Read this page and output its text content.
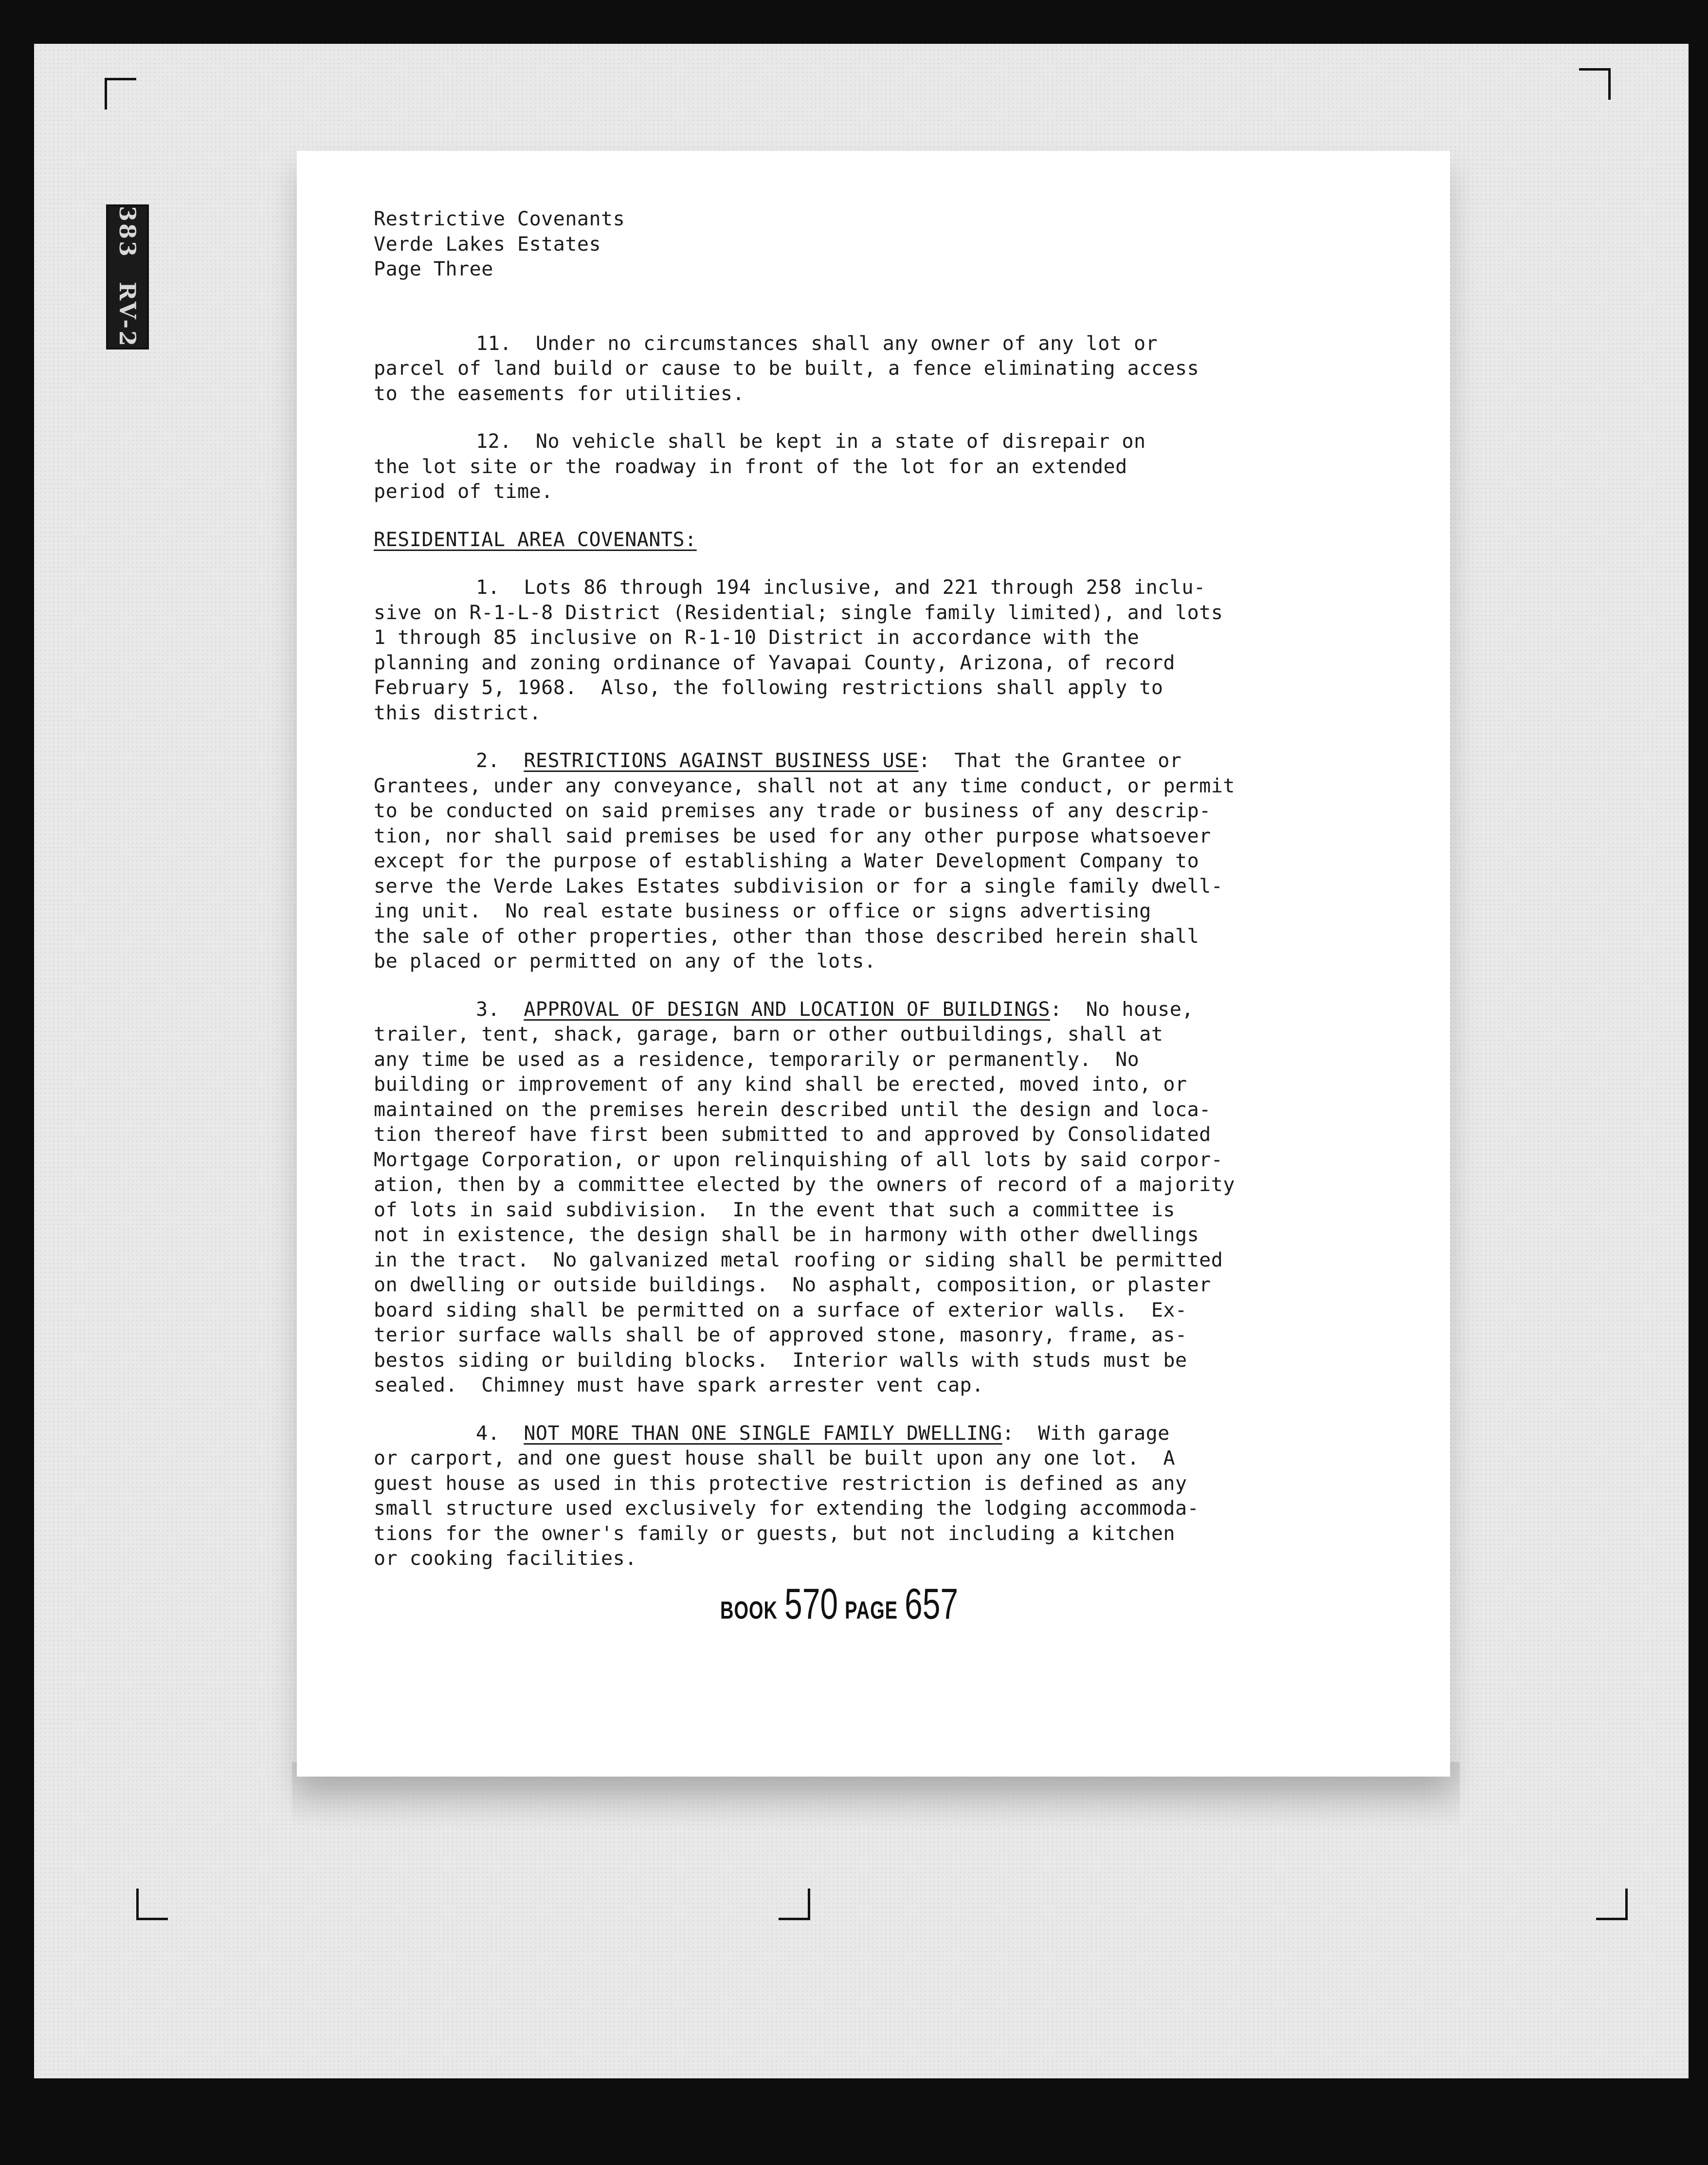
383 RV-2
Restrictive Covenants
Verde Lakes Estates
Page Three

11.  Under no circumstances shall any owner of any lot or
parcel of land build or cause to be built, a fence eliminating access
to the easements for utilities.

12.  No vehicle shall be kept in a state of disrepair on
the lot site or the roadway in front of the lot for an extended
period of time.

RESIDENTIAL AREA COVENANTS:

1.  Lots 86 through 194 inclusive, and 221 through 258 inclu-
sive on R-1-L-8 District (Residential; single family limited), and lots
1 through 85 inclusive on R-1-10 District in accordance with the
planning and zoning ordinance of Yavapai County, Arizona, of record
February 5, 1968.  Also, the following restrictions shall apply to
this district.

2.  RESTRICTIONS AGAINST BUSINESS USE:  That the Grantee or
Grantees, under any conveyance, shall not at any time conduct, or permit
to be conducted on said premises any trade or business of any descrip-
tion, nor shall said premises be used for any other purpose whatsoever
except for the purpose of establishing a Water Development Company to
serve the Verde Lakes Estates subdivision or for a single family dwell-
ing unit.  No real estate business or office or signs advertising
the sale of other properties, other than those described herein shall
be placed or permitted on any of the lots.

3.  APPROVAL OF DESIGN AND LOCATION OF BUILDINGS:  No house,
trailer, tent, shack, garage, barn or other outbuildings, shall at
any time be used as a residence, temporarily or permanently.  No
building or improvement of any kind shall be erected, moved into, or
maintained on the premises herein described until the design and loca-
tion thereof have first been submitted to and approved by Consolidated
Mortgage Corporation, or upon relinquishing of all lots by said corpor-
ation, then by a committee elected by the owners of record of a majority
of lots in said subdivision.  In the event that such a committee is
not in existence, the design shall be in harmony with other dwellings
in the tract.  No galvanized metal roofing or siding shall be permitted
on dwelling or outside buildings.  No asphalt, composition, or plaster
board siding shall be permitted on a surface of exterior walls.  Ex-
terior surface walls shall be of approved stone, masonry, frame, as-
bestos siding or building blocks.  Interior walls with studs must be
sealed.  Chimney must have spark arrester vent cap.

4.  NOT MORE THAN ONE SINGLE FAMILY DWELLING:  With garage
or carport, and one guest house shall be built upon any one lot.  A
guest house as used in this protective restriction is defined as any
small structure used exclusively for extending the lodging accommoda-
tions for the owner's family or guests, but not including a kitchen
or cooking facilities.

BOOK 570 PAGE 657
